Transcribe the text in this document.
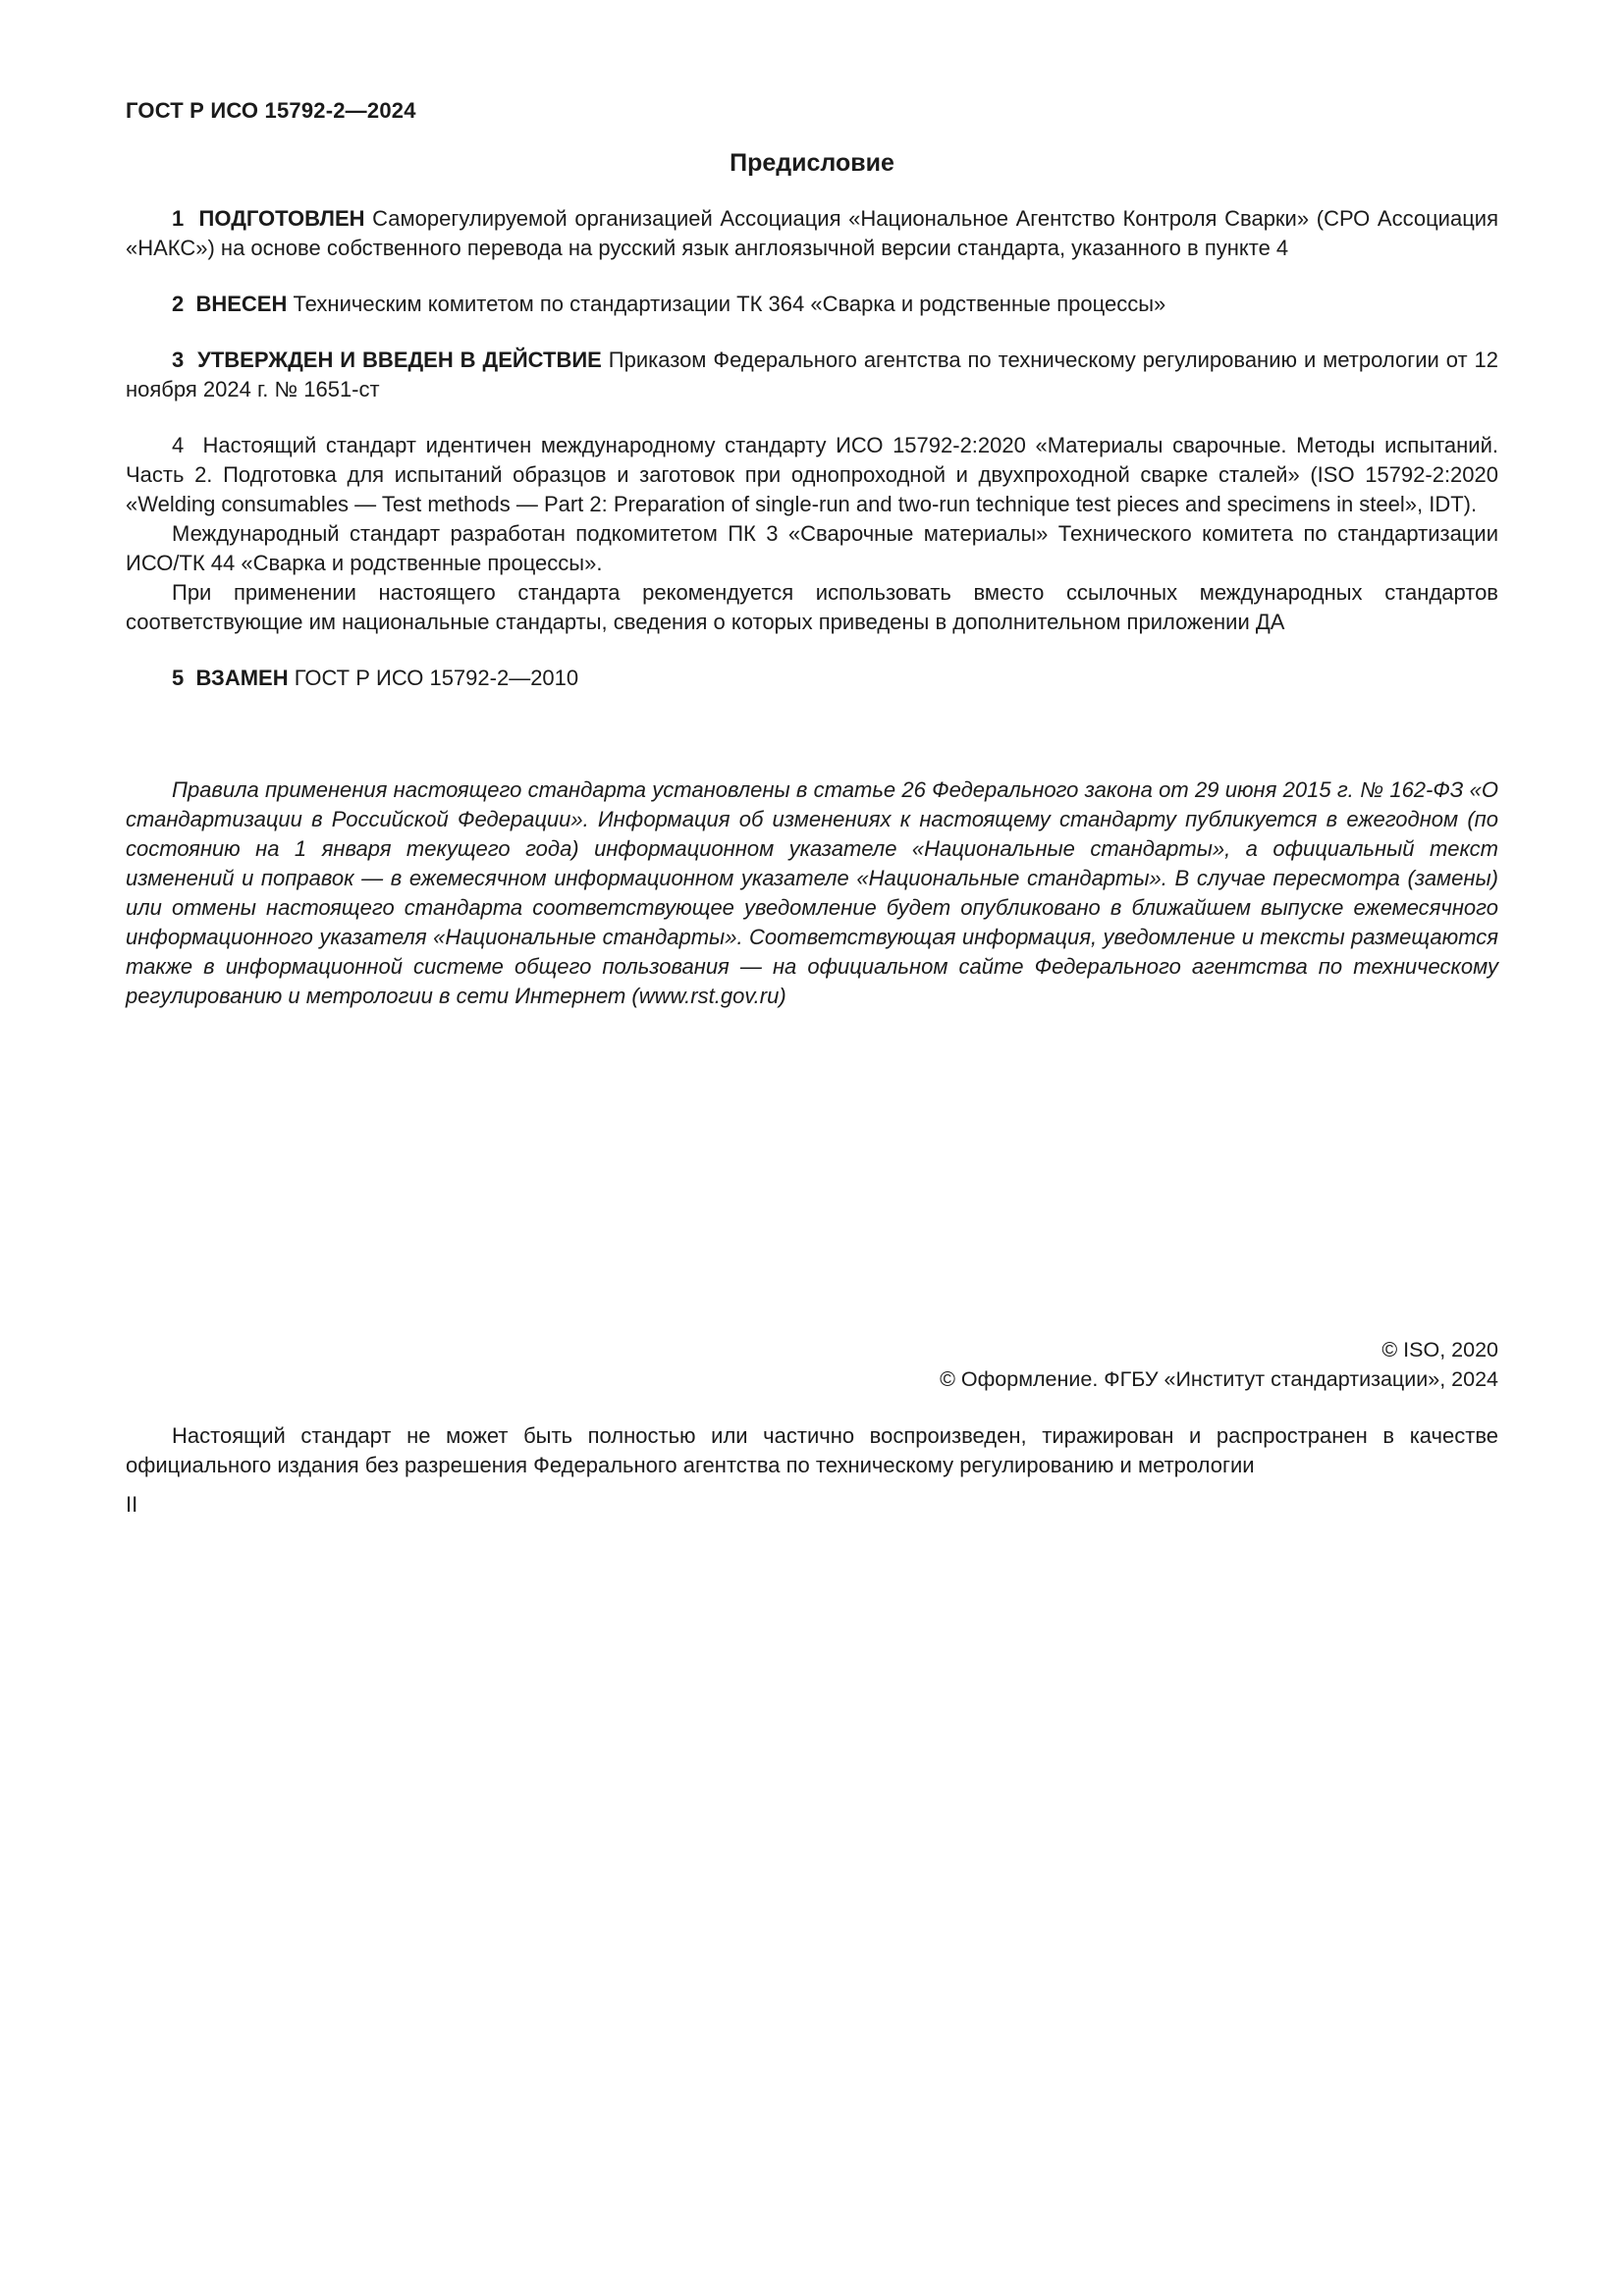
ГОСТ Р ИСО 15792-2—2024
Предисловие

1  ПОДГОТОВЛЕН Саморегулируемой организацией Ассоциация «Национальное Агентство Контроля Сварки» (СРО Ассоциация «НАКС») на основе собственного перевода на русский язык англоязычной версии стандарта, указанного в пункте 4

2  ВНЕСЕН Техническим комитетом по стандартизации ТК 364 «Сварка и родственные процессы»

3  УТВЕРЖДЕН И ВВЕДЕН В ДЕЙСТВИЕ Приказом Федерального агентства по техническому регулированию и метрологии от 12 ноября 2024 г. № 1651-ст

4  Настоящий стандарт идентичен международному стандарту ИСО 15792-2:2020 «Материалы сварочные. Методы испытаний. Часть 2. Подготовка для испытаний образцов и заготовок при однопроходной и двухпроходной сварке сталей» (ISO 15792-2:2020 «Welding consumables — Test methods — Part 2: Preparation of single-run and two-run technique test pieces and specimens in steel», IDT).

Международный стандарт разработан подкомитетом ПК 3 «Сварочные материалы» Технического комитета по стандартизации ИСО/ТК 44 «Сварка и родственные процессы».

При применении настоящего стандарта рекомендуется использовать вместо ссылочных международных стандартов соответствующие им национальные стандарты, сведения о которых приведены в дополнительном приложении ДА

5  ВЗАМЕН ГОСТ Р ИСО 15792-2—2010

Правила применения настоящего стандарта установлены в статье 26 Федерального закона от 29 июня 2015 г. № 162-ФЗ «О стандартизации в Российской Федерации». Информация об изменениях к настоящему стандарту публикуется в ежегодном (по состоянию на 1 января текущего года) информационном указателе «Национальные стандарты», а официальный текст изменений и поправок — в ежемесячном информационном указателе «Национальные стандарты». В случае пересмотра (замены) или отмены настоящего стандарта соответствующее уведомление будет опубликовано в ближайшем выпуске ежемесячного информационного указателя «Национальные стандарты». Соответствующая информация, уведомление и тексты размещаются также в информационной системе общего пользования — на официальном сайте Федерального агентства по техническому регулированию и метрологии в сети Интернет (www.rst.gov.ru)

© ISO, 2020
© Оформление. ФГБУ «Институт стандартизации», 2024

Настоящий стандарт не может быть полностью или частично воспроизведен, тиражирован и распространен в качестве официального издания без разрешения Федерального агентства по техническому регулированию и метрологии

II
